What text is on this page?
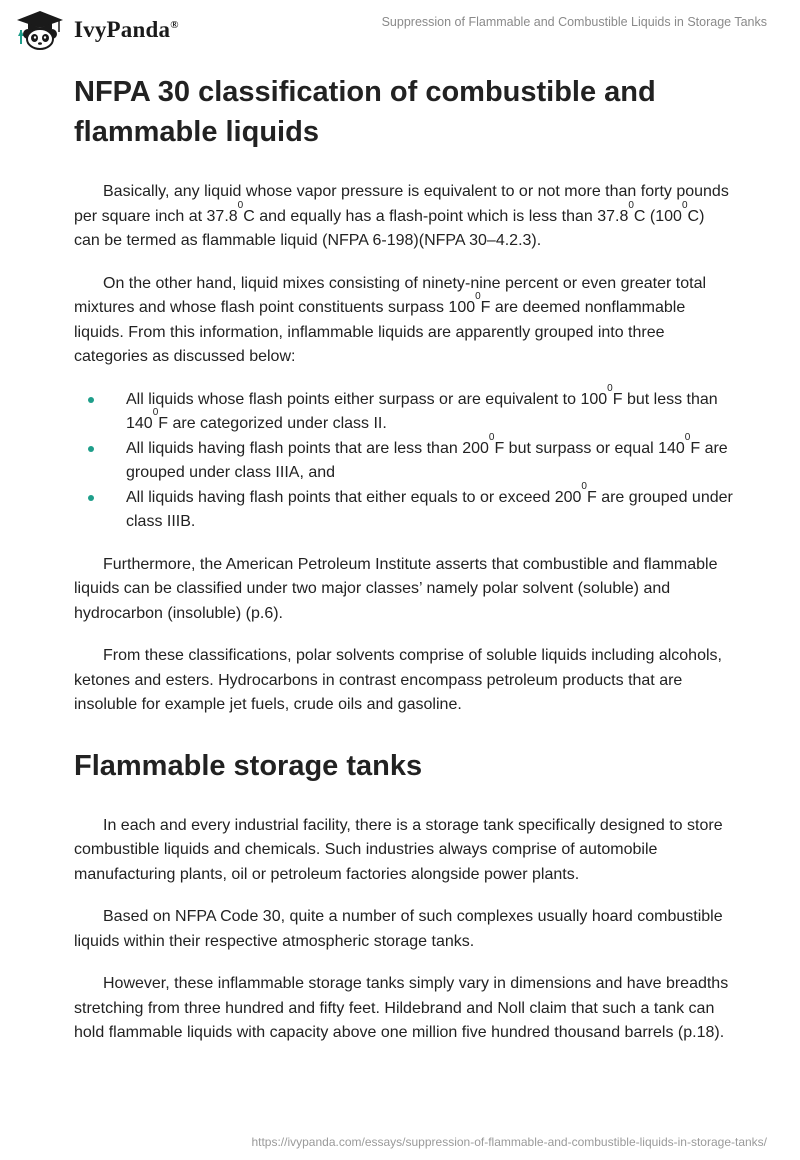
IvyPanda®	Suppression of Flammable and Combustible Liquids in Storage Tanks
NFPA 30 classification of combustible and flammable liquids

Basically, any liquid whose vapor pressure is equivalent to or not more than forty pounds per square inch at 37.8$^0$C and equally has a flash-point which is less than 37.8$^0$C $(100^0C)$ can be termed as flammable liquid (NFPA 6-198)(NFPA 30–4.2.3).

On the other hand, liquid mixes consisting of ninety-nine percent or even greater total mixtures and whose flash point constituents surpass $100^0F$ are deemed nonflammable liquids. From this information, inflammable liquids are apparently grouped into three categories as discussed below:

All liquids whose flash points either surpass or are equivalent to $100^0F$ but less than $140^0F$ are categorized under class II.
All liquids having flash points that are less than $200^0F$ but surpass or equal $140^0F$ are grouped under class IIIA, and
All liquids having flash points that either equals to or exceed $200^0F$ are grouped under class IIIB.

Furthermore, the American Petroleum Institute asserts that combustible and flammable liquids can be classified under two major classes’ namely polar solvent (soluble) and hydrocarbon (insoluble) (p.6).

From these classifications, polar solvents comprise of soluble liquids including alcohols, ketones and esters. Hydrocarbons in contrast encompass petroleum products that are insoluble for example jet fuels, crude oils and gasoline.

Flammable storage tanks

In each and every industrial facility, there is a storage tank specifically designed to store combustible liquids and chemicals. Such industries always comprise of automobile manufacturing plants, oil or petroleum factories alongside power plants.

Based on NFPA Code 30, quite a number of such complexes usually hoard combustible liquids within their respective atmospheric storage tanks.

However, these inflammable storage tanks simply vary in dimensions and have breadths stretching from three hundred and fifty feet. Hildebrand and Noll claim that such a tank can hold flammable liquids with capacity above one million five hundred thousand barrels (p.18).

https://ivypanda.com/essays/suppression-of-flammable-and-combustible-liquids-in-storage-tanks/
